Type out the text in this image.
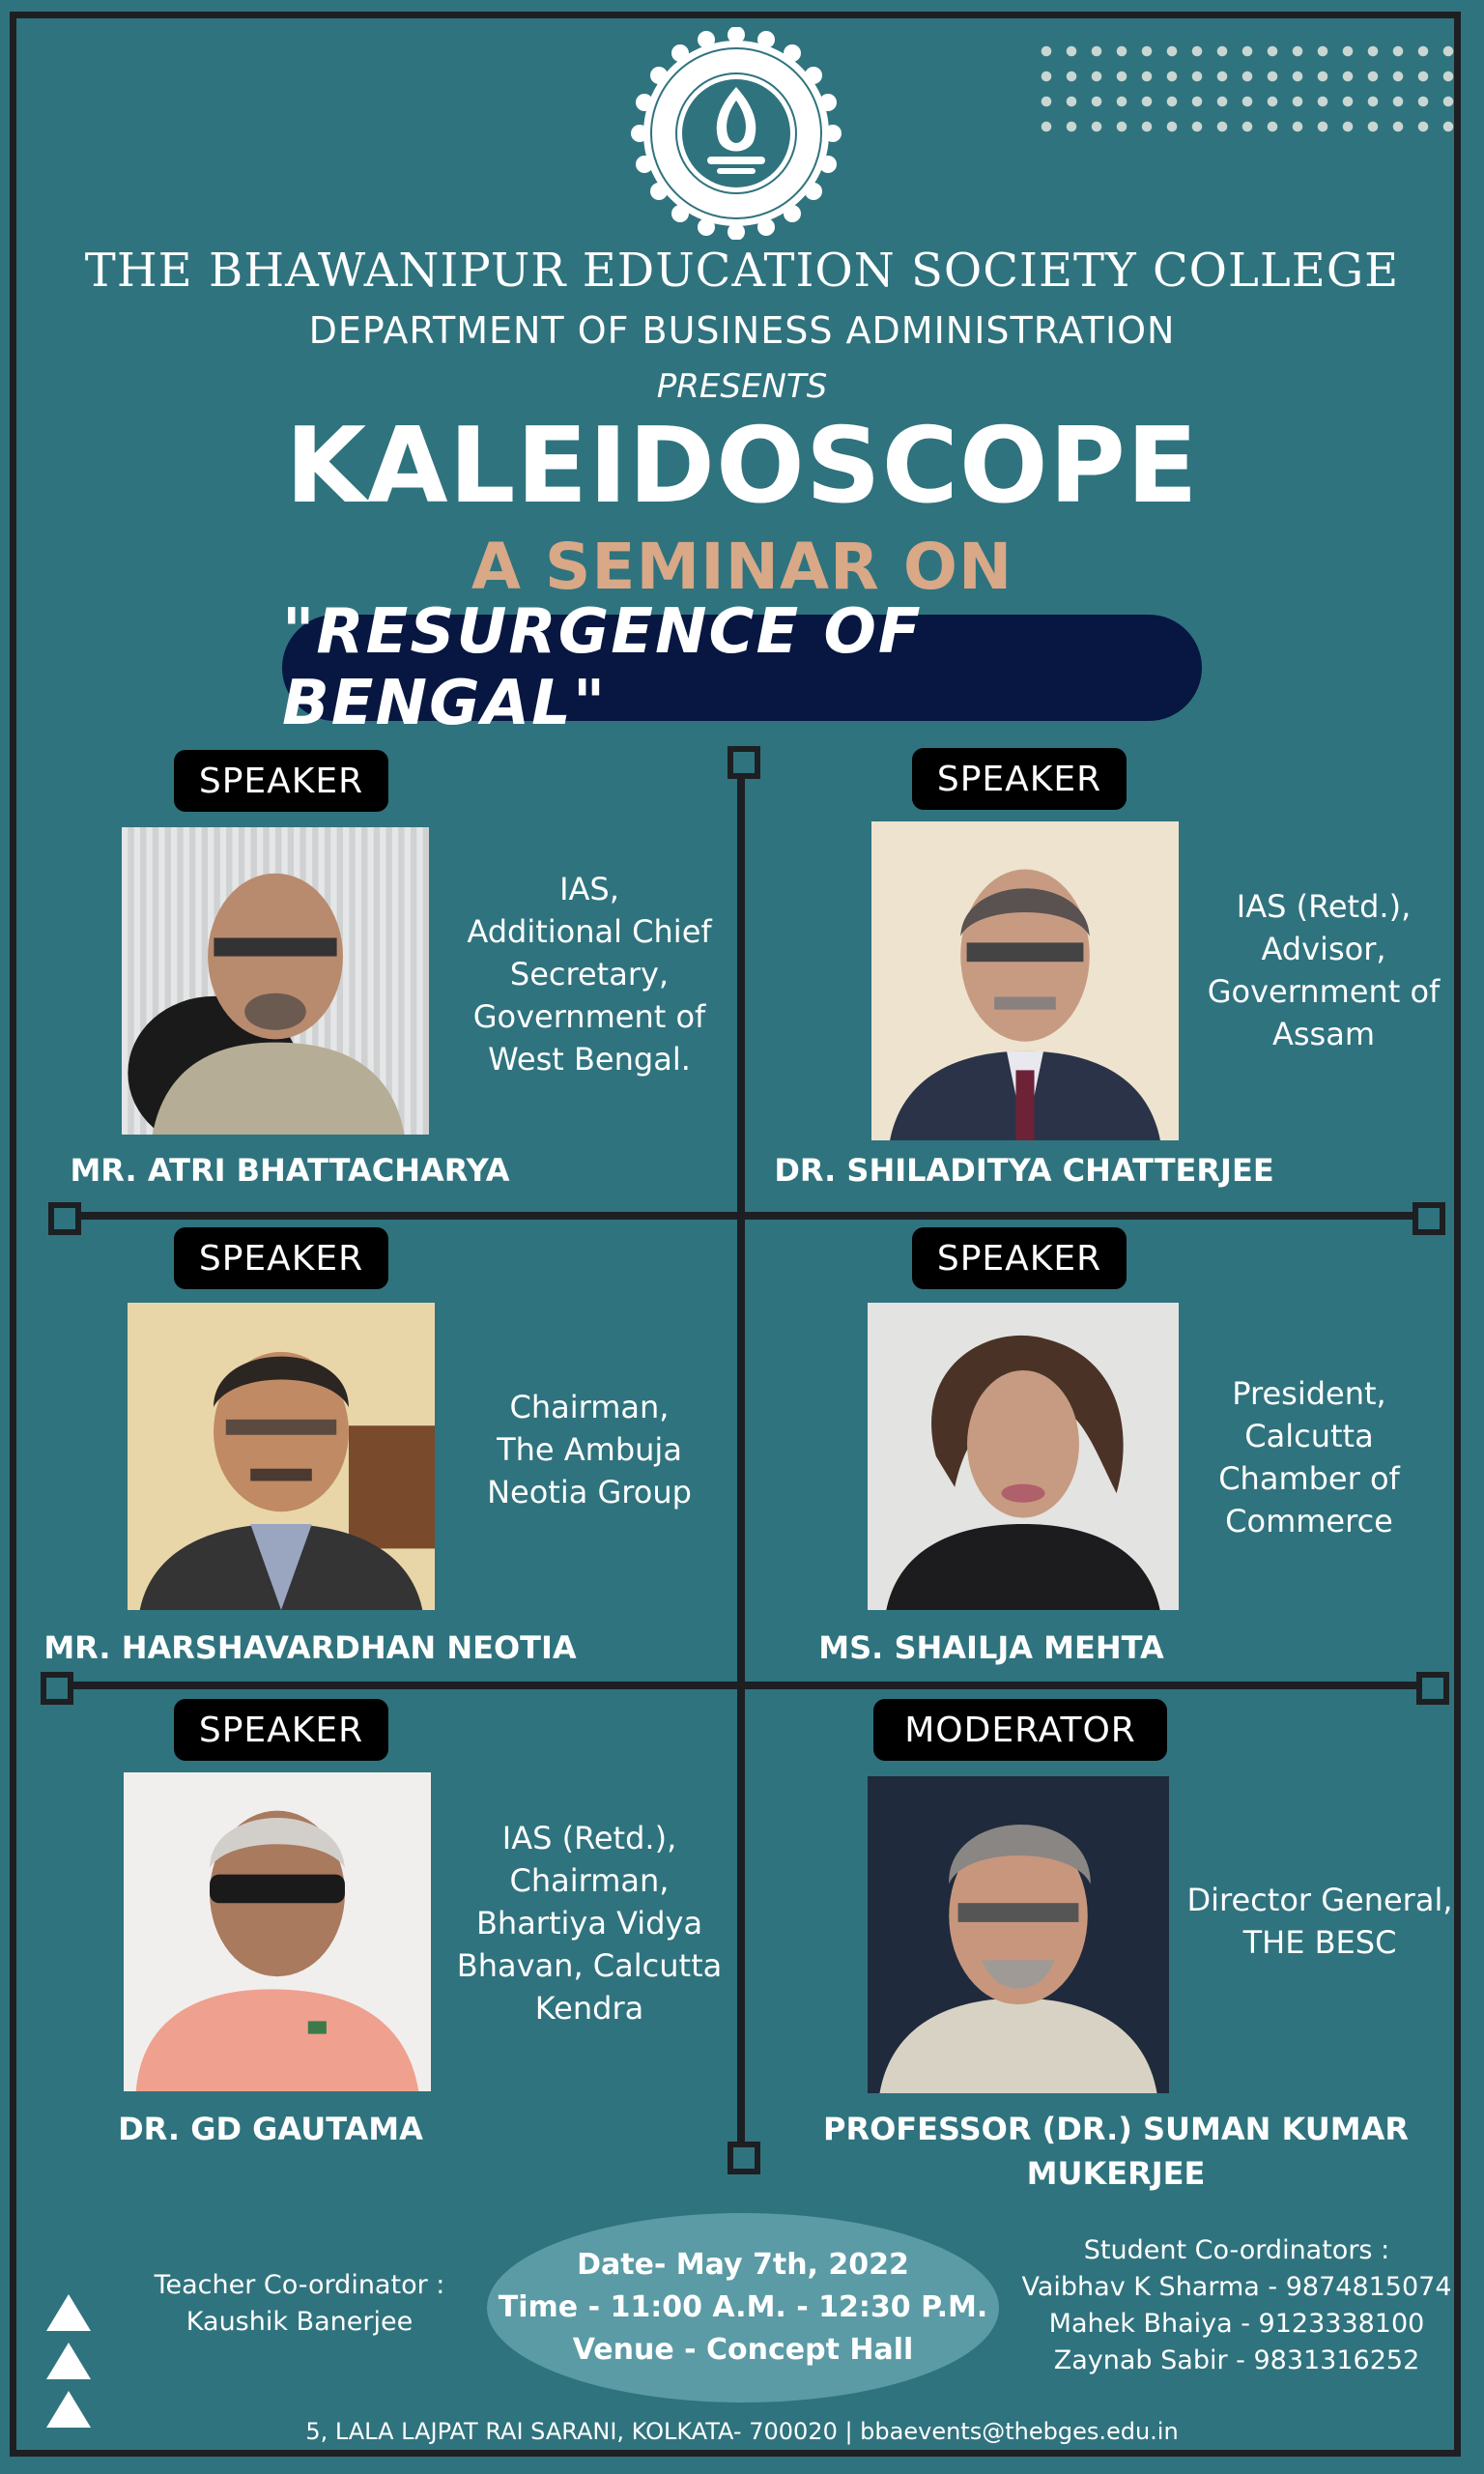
THE BHAWANIPUR EDUCATION SOCIETY COLLEGE
DEPARTMENT OF BUSINESS ADMINISTRATION
PRESENTS
KALEIDOSCOPE
A SEMINAR ON
"RESURGENCE OF BENGAL"
SPEAKER
IAS,
Additional Chief
Secretary,
Government of
West Bengal.
MR. ATRI BHATTACHARYA
SPEAKER
IAS (Retd.),
Advisor,
Government of
Assam
DR. SHILADITYA CHATTERJEE
SPEAKER
Chairman,
The Ambuja
Neotia Group
MR. HARSHAVARDHAN NEOTIA
SPEAKER
President,
Calcutta
Chamber of
Commerce
MS. SHAILJA MEHTA
SPEAKER
IAS (Retd.),
Chairman,
Bhartiya Vidya
Bhavan, Calcutta
Kendra
DR. GD GAUTAMA
MODERATOR
Director General,
THE BESC
PROFESSOR (DR.) SUMAN KUMAR
MUKERJEE
Teacher Co-ordinator :
Kaushik Banerjee
Date- May 7th, 2022
Time - 11:00 A.M. - 12:30 P.M.
Venue - Concept Hall
Student Co-ordinators :
Vaibhav K Sharma - 9874815074
Mahek Bhaiya - 9123338100
Zaynab Sabir - 9831316252
5, LALA LAJPAT RAI SARANI, KOLKATA- 700020 | bbaevents@thebges.edu.in
